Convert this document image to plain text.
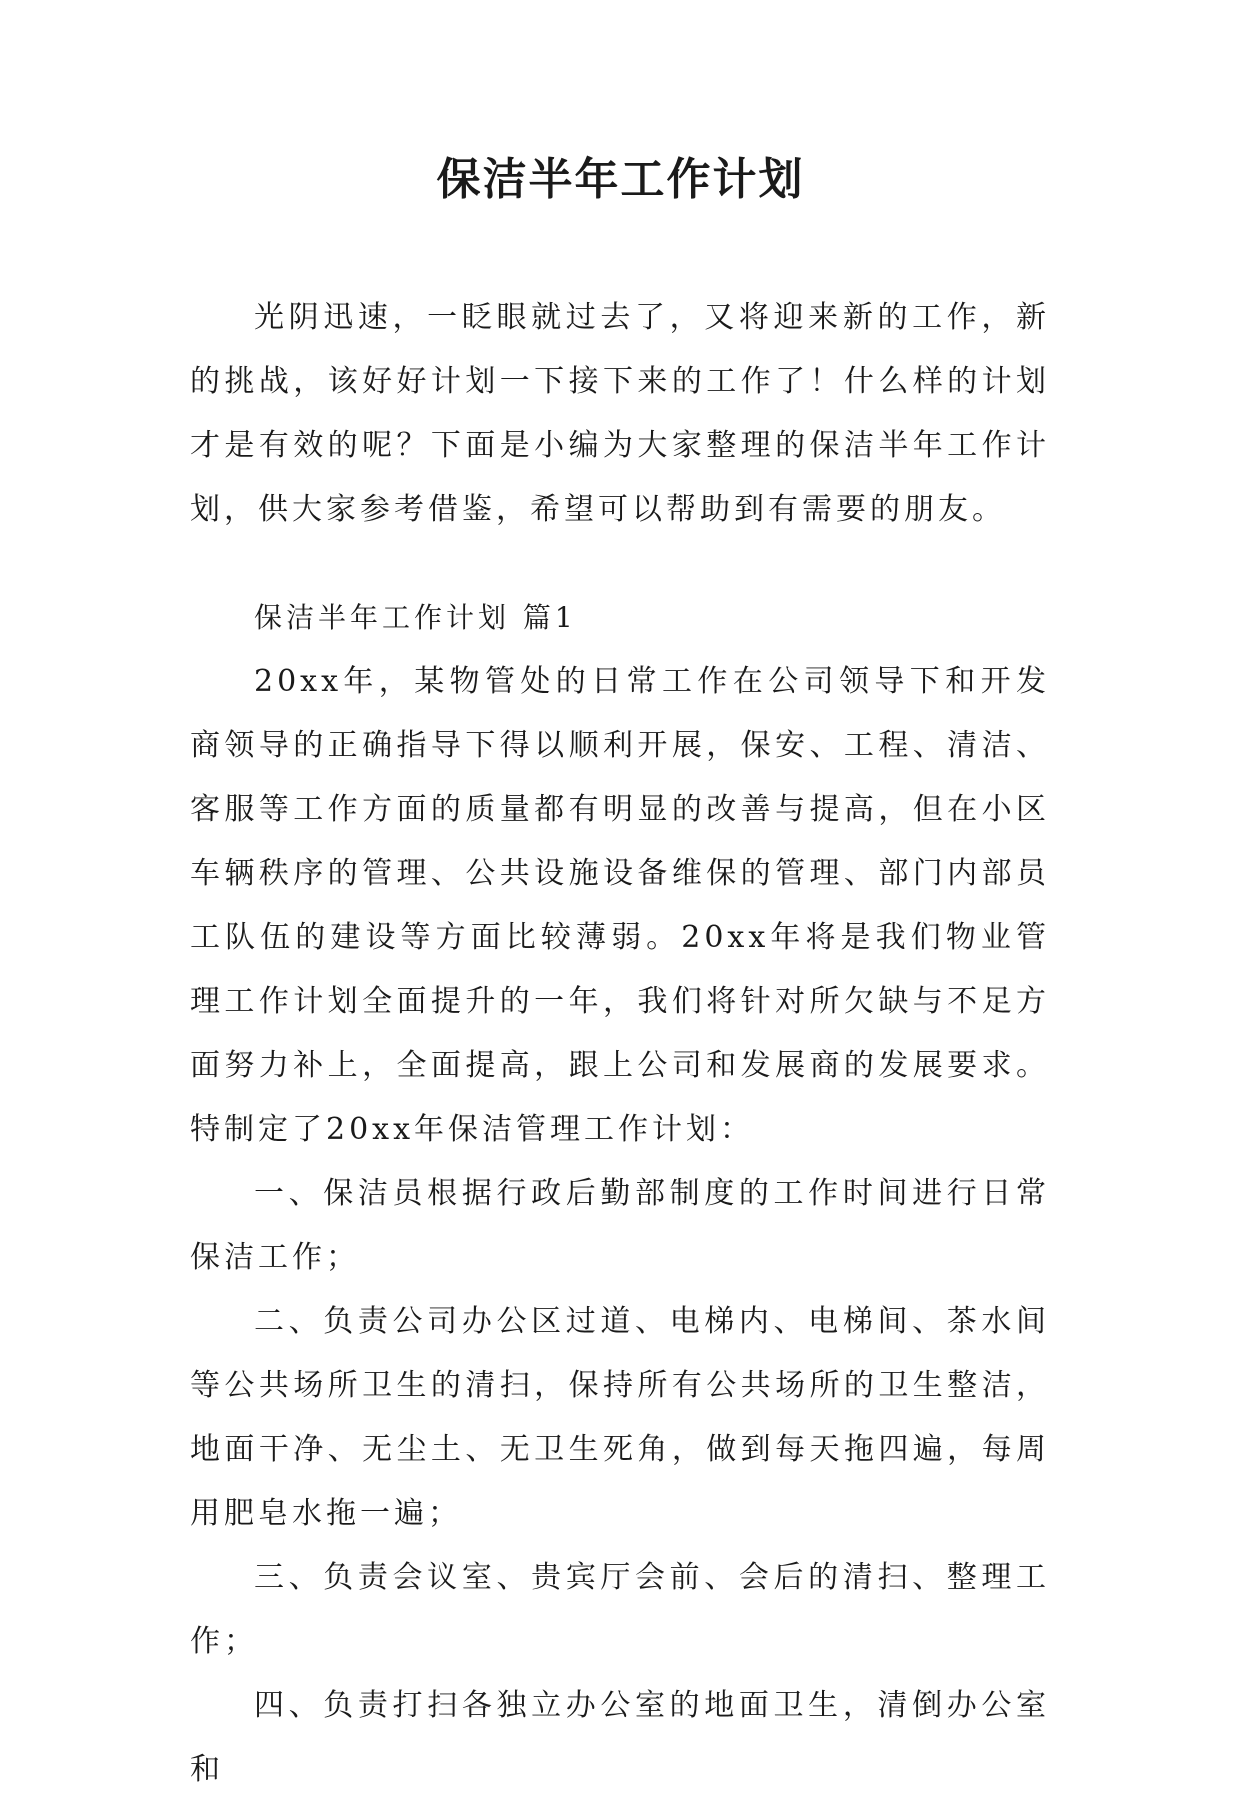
保洁半年工作计划

光阴迅速，一眨眼就过去了，又将迎来新的工作，新的挑战，该好好计划一下接下来的工作了！什么样的计划才是有效的呢？下面是小编为大家整理的保洁半年工作计划，供大家参考借鉴，希望可以帮助到有需要的朋友。

保洁半年工作计划 篇1

20xx年，某物管处的日常工作在公司领导下和开发商领导的正确指导下得以顺利开展，保安、工程、清洁、客服等工作方面的质量都有明显的改善与提高，但在小区车辆秩序的管理、公共设施设备维保的管理、部门内部员工队伍的建设等方面比较薄弱。20xx年将是我们物业管理工作计划全面提升的一年，我们将针对所欠缺与不足方面努力补上，全面提高，跟上公司和发展商的发展要求。特制定了20xx年保洁管理工作计划：

一、保洁员根据行政后勤部制度的工作时间进行日常保洁工作；

二、负责公司办公区过道、电梯内、电梯间、茶水间等公共场所卫生的清扫，保持所有公共场所的卫生整洁，地面干净、无尘土、无卫生死角，做到每天拖四遍，每周用肥皂水拖一遍；

三、负责会议室、贵宾厅会前、会后的清扫、整理工作；

四、负责打扫各独立办公室的地面卫生，清倒办公室和
